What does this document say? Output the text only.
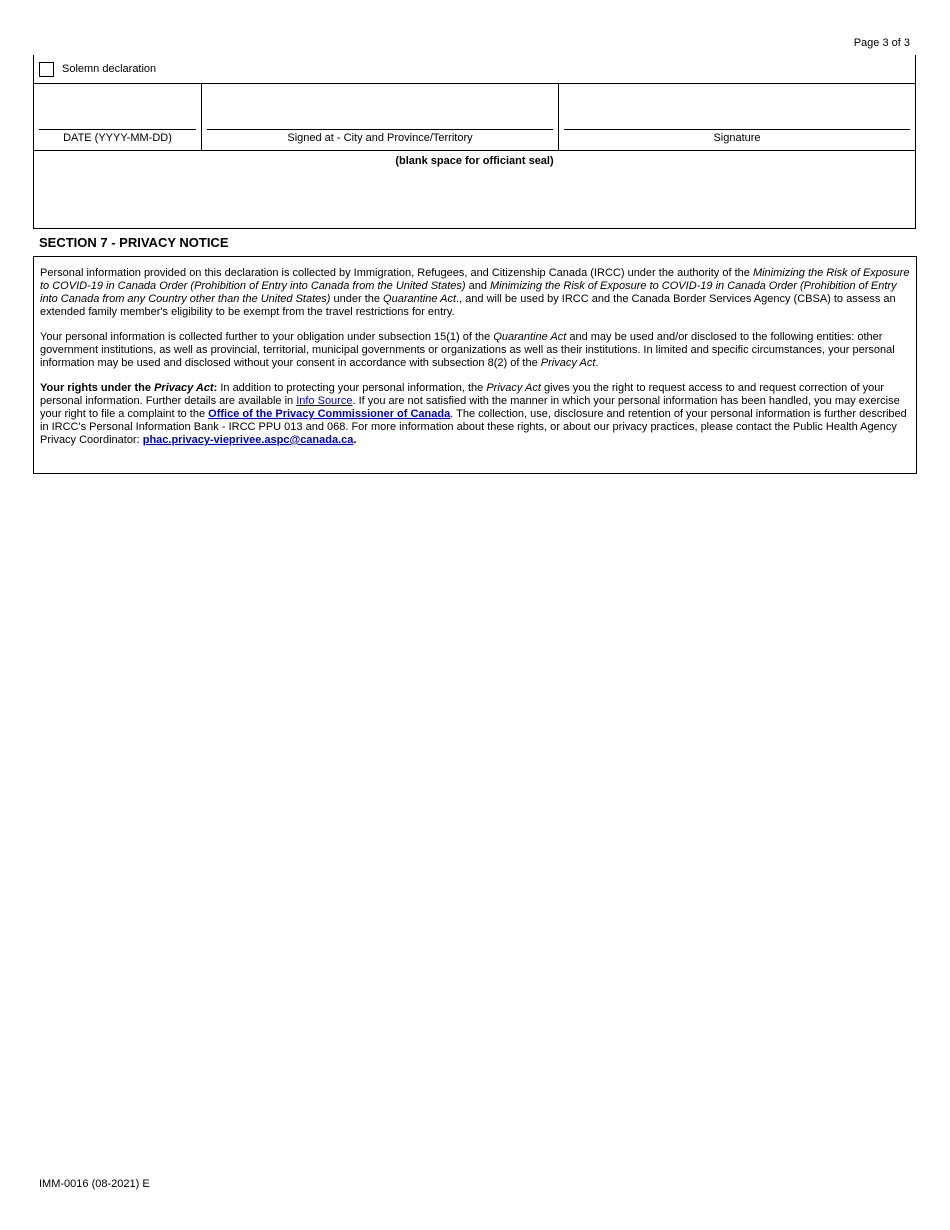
Page 3 of 3
Solemn declaration
DATE (YYYY-MM-DD)	Signed at - City and Province/Territory	Signature
(blank space for officiant seal)
SECTION 7 - PRIVACY NOTICE

Personal information provided on this declaration is collected by Immigration, Refugees, and Citizenship Canada (IRCC) under the authority of the Minimizing the Risk of Exposure to COVID-19 in Canada Order (Prohibition of Entry into Canada from the United States) and Minimizing the Risk of Exposure to COVID-19 in Canada Order (Prohibition of Entry into Canada from any Country other than the United States) under the Quarantine Act., and will be used by IRCC and the Canada Border Services Agency (CBSA) to assess an extended family member's eligibility to be exempt from the travel restrictions for entry.

Your personal information is collected further to your obligation under subsection 15(1) of the Quarantine Act and may be used and/or disclosed to the following entities: other government institutions, as well as provincial, territorial, municipal governments or organizations as well as their institutions. In limited and specific circumstances, your personal information may be used and disclosed without your consent in accordance with subsection 8(2) of the Privacy Act.

Your rights under the Privacy Act: In addition to protecting your personal information, the Privacy Act gives you the right to request access to and request correction of your personal information. Further details are available in Info Source. If you are not satisfied with the manner in which your personal information has been handled, you may exercise your right to file a complaint to the Office of the Privacy Commissioner of Canada. The collection, use, disclosure and retention of your personal information is further described in IRCC's Personal Information Bank - IRCC PPU 013 and 068. For more information about these rights, or about our privacy practices, please contact the Public Health Agency Privacy Coordinator: phac.privacy-vieprivee.aspc@canada.ca.

IMM-0016 (08-2021) E
